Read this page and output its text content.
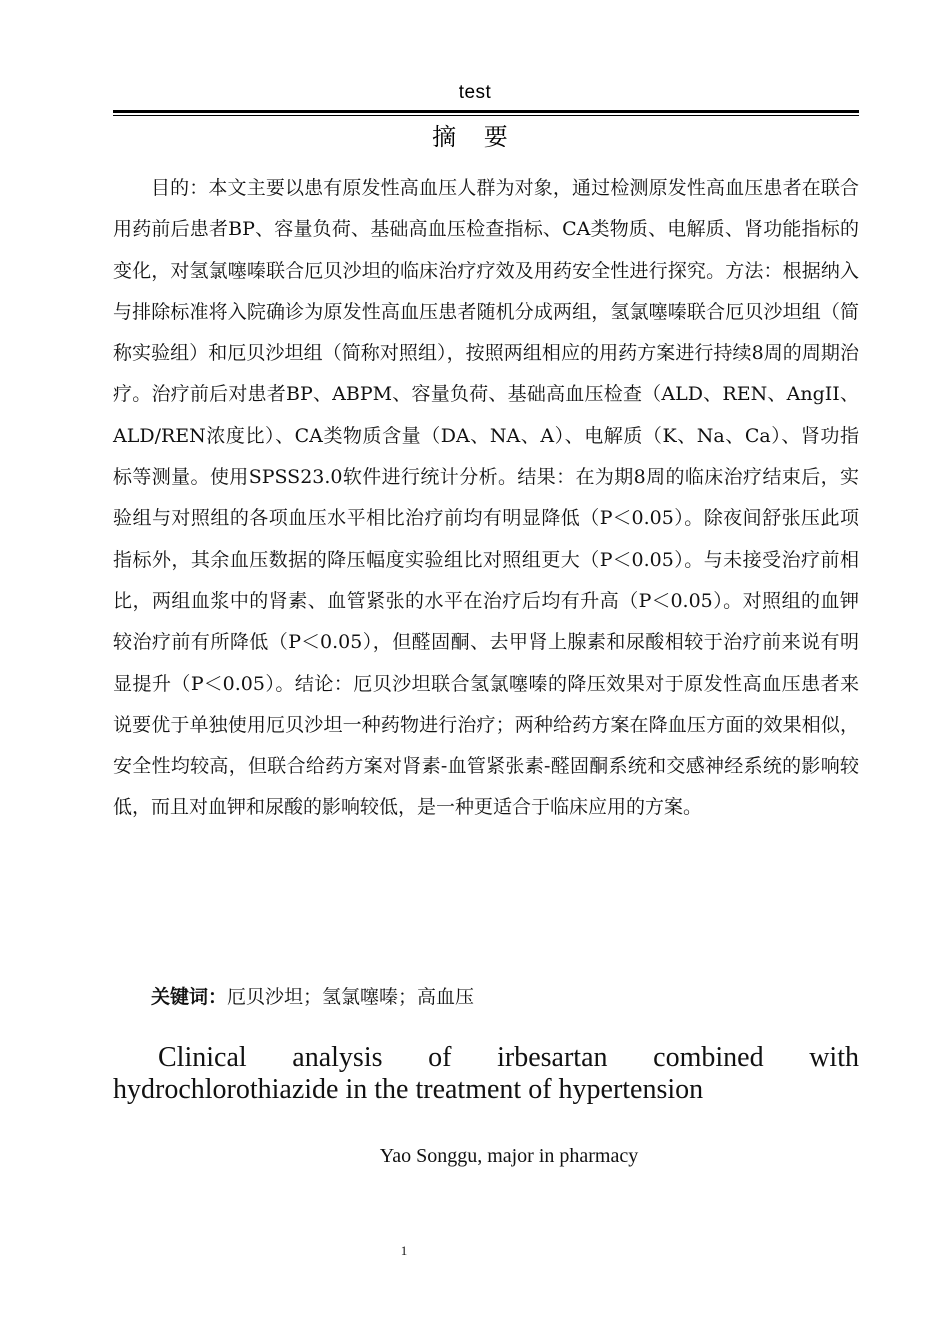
test
摘 要

目的：本文主要以患有原发性高血压人群为对象，通过检测原发性高血压患者在联合用药前后患者BP、容量负荷、基础高血压检查指标、CA类物质、电解质、肾功能指标的变化，对氢氯噻嗪联合厄贝沙坦的临床治疗疗效及用药安全性进行探究。方法：根据纳入与排除标准将入院确诊为原发性高血压患者随机分成两组，氢氯噻嗪联合厄贝沙坦组（简称实验组）和厄贝沙坦组（简称对照组），按照两组相应的用药方案进行持续8周的周期治疗。治疗前后对患者BP、ABPM、容量负荷、基础高血压检查（ALD、REN、AngII、ALD/REN浓度比）、CA类物质含量（DA、NA、A）、电解质（K、Na、Ca）、肾功指标等测量。使用SPSS23.0软件进行统计分析。结果：在为期8周的临床治疗结束后，实验组与对照组的各项血压水平相比治疗前均有明显降低（P＜0.05）。除夜间舒张压此项指标外，其余血压数据的降压幅度实验组比对照组更大（P＜0.05）。与未接受治疗前相比，两组血浆中的肾素、血管紧张的水平在治疗后均有升高（P＜0.05）。对照组的血钾较治疗前有所降低（P＜0.05），但醛固酮、去甲肾上腺素和尿酸相较于治疗前来说有明显提升（P＜0.05）。结论：厄贝沙坦联合氢氯噻嗪的降压效果对于原发性高血压患者来说要优于单独使用厄贝沙坦一种药物进行治疗；两种给药方案在降血压方面的效果相似，安全性均较高，但联合给药方案对肾素-血管紧张素-醛固酮系统和交感神经系统的影响较低，而且对血钾和尿酸的影响较低，是一种更适合于临床应用的方案。

关键词：厄贝沙坦；氢氯噻嗪；高血压

Clinical analysis of irbesartan combined with
hydrochlorothiazide in the treatment of hypertension

Yao Songgu, major in pharmacy
1
